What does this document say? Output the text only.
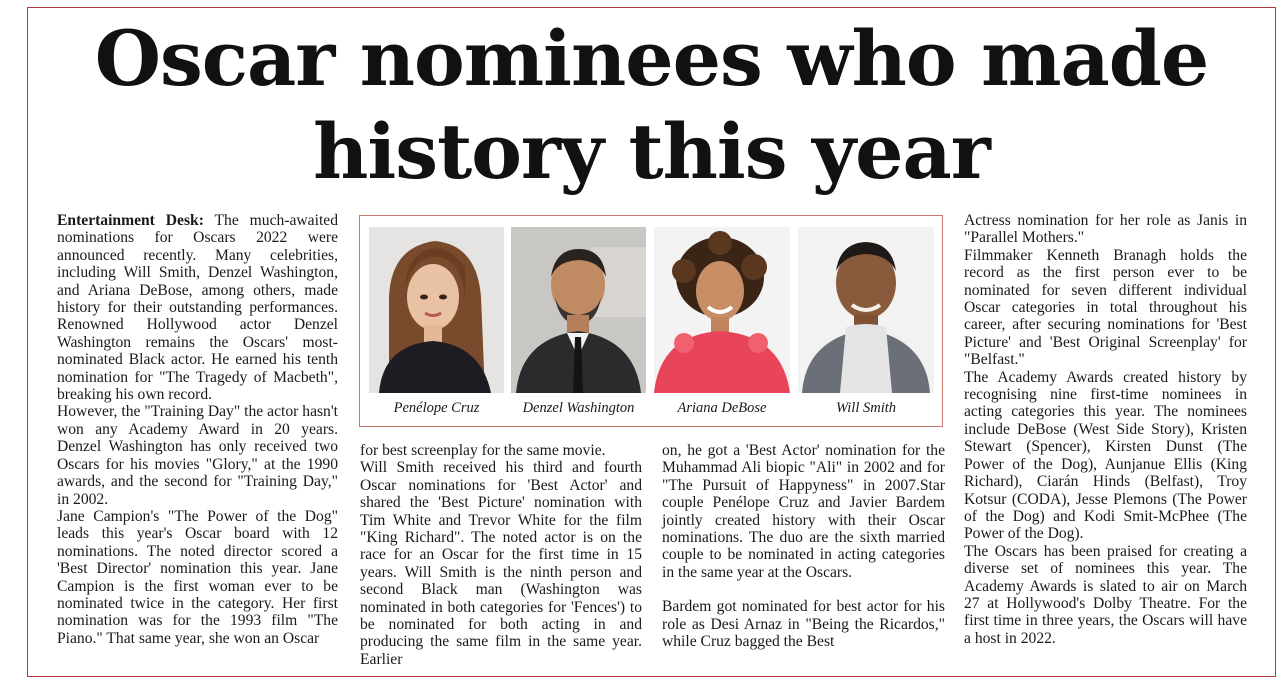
Oscar nominees who made
history this year

Entertainment Desk: The much-awaited nominations for Oscars 2022 were announced recently. Many celebrities, including Will Smith, Denzel Washington, and Ariana DeBose, among others, made history for their outstanding performances. Renowned Hollywood actor Denzel Washington remains the Oscars' most-nominated Black actor. He earned his tenth nomination for "The Tragedy of Macbeth", breaking his own record.

However, the "Training Day" the actor hasn't won any Academy Award in 20 years. Denzel Washington has only received two Oscars for his movies "Glory," at the 1990 awards, and the second for "Training Day," in 2002.

Jane Campion's "The Power of the Dog" leads this year's Oscar board with 12 nominations. The noted director scored a 'Best Director' nomination this year. Jane Campion is the first woman ever to be nominated twice in the category. Her first nomination was for the 1993 film "The Piano." That same year, she won an Oscar

Penélope Cruz	Denzel Washington	Ariana DeBose	Will Smith

for best screenplay for the same movie.

Will Smith received his third and fourth Oscar nominations for 'Best Actor' and shared the 'Best Picture' nomination with Tim White and Trevor White for the film "King Richard". The noted actor is on the race for an Oscar for the first time in 15 years. Will Smith is the ninth person and second Black man (Washington was nominated in both categories for 'Fences') to be nominated for both acting in and producing the same film in the same year. Earlier

on, he got a 'Best Actor' nomination for the Muhammad Ali biopic "Ali" in 2002 and for "The Pursuit of Happyness" in 2007.Star couple Penélope Cruz and Javier Bardem jointly created history with their Oscar nominations. The duo are the sixth married couple to be nominated in acting categories in the same year at the Oscars.

Bardem got nominated for best actor for his role as Desi Arnaz in "Being the Ricardos," while Cruz bagged the Best

Actress nomination for her role as Janis in "Parallel Mothers."

Filmmaker Kenneth Branagh holds the record as the first person ever to be nominated for seven different individual Oscar categories in total throughout his career, after securing nominations for 'Best Picture' and 'Best Original Screenplay' for "Belfast."

The Academy Awards created history by recognising nine first-time nominees in acting categories this year. The nominees include DeBose (West Side Story), Kristen Stewart (Spencer), Kirsten Dunst (The Power of the Dog), Aunjanue Ellis (King Richard), Ciarán Hinds (Belfast), Troy Kotsur (CODA), Jesse Plemons (The Power of the Dog) and Kodi Smit-McPhee (The Power of the Dog).

The Oscars has been praised for creating a diverse set of nominees this year. The Academy Awards is slated to air on March 27 at Hollywood's Dolby Theatre. For the first time in three years, the Oscars will have a host in 2022.
